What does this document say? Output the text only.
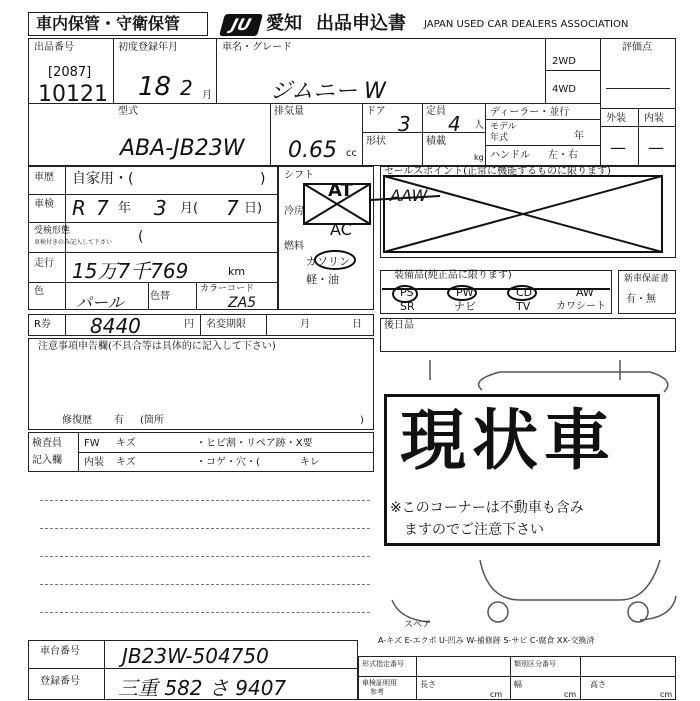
車内保管・守衛保管	JU 愛知 出品申込書 JAPAN USED CAR DEALERS ASSOCIATION
出品番号
[2087]
10121
初度登録年月
18 2 月
車名・グレード
ジムニー W
2WD
4WD
評価点
外装 内装
— —
型式
ABA-JB23W
排気量
0.65 cc
ドア
3
定員
4 人
形状	積載
kg
ディーラー・並行
モデル
年式	年
ハンドル 左・右
車歴 自家用・(	)
車検 R 7 年 3 月( 7 日)
受検形態
車検付きのみ記入して下さい (
走行 15万7千769	km
色
パール	色替
カラーコード
ZA5
シフト
AT
冷房
AC
燃料
ガソリン
軽・油
セールスポイント(正常に機能するものに限ります)
AAW
装備品(純正品に限ります)
PS	PW	CD	AW
SR	ナビ	TV	カワシート
新車保証書
有・無
R券 8440	円 名変期限	月	日 後日品
注意事項申告欄(不具合等は具体的に記入して下さい)
修復歴 有 (箇所	)
検査員
記入欄
FW キズ	・ヒビ割・リペア跡・X要
内装 キズ	・コゲ・穴・(	キレ 現状車
※このコーナーは不動車も含み
ますのでご注意下さい
スペア
A-キズ E-エクボ U-凹み W-補修跡 S-サビ C-腐食 XX-交換済
車台番号 JB23W-504750
登録番号 三重 582 さ 9407
形式指定番号	類別区分番号
車検証明用
参考
長さ
cm
幅
cm
高さ
cm
